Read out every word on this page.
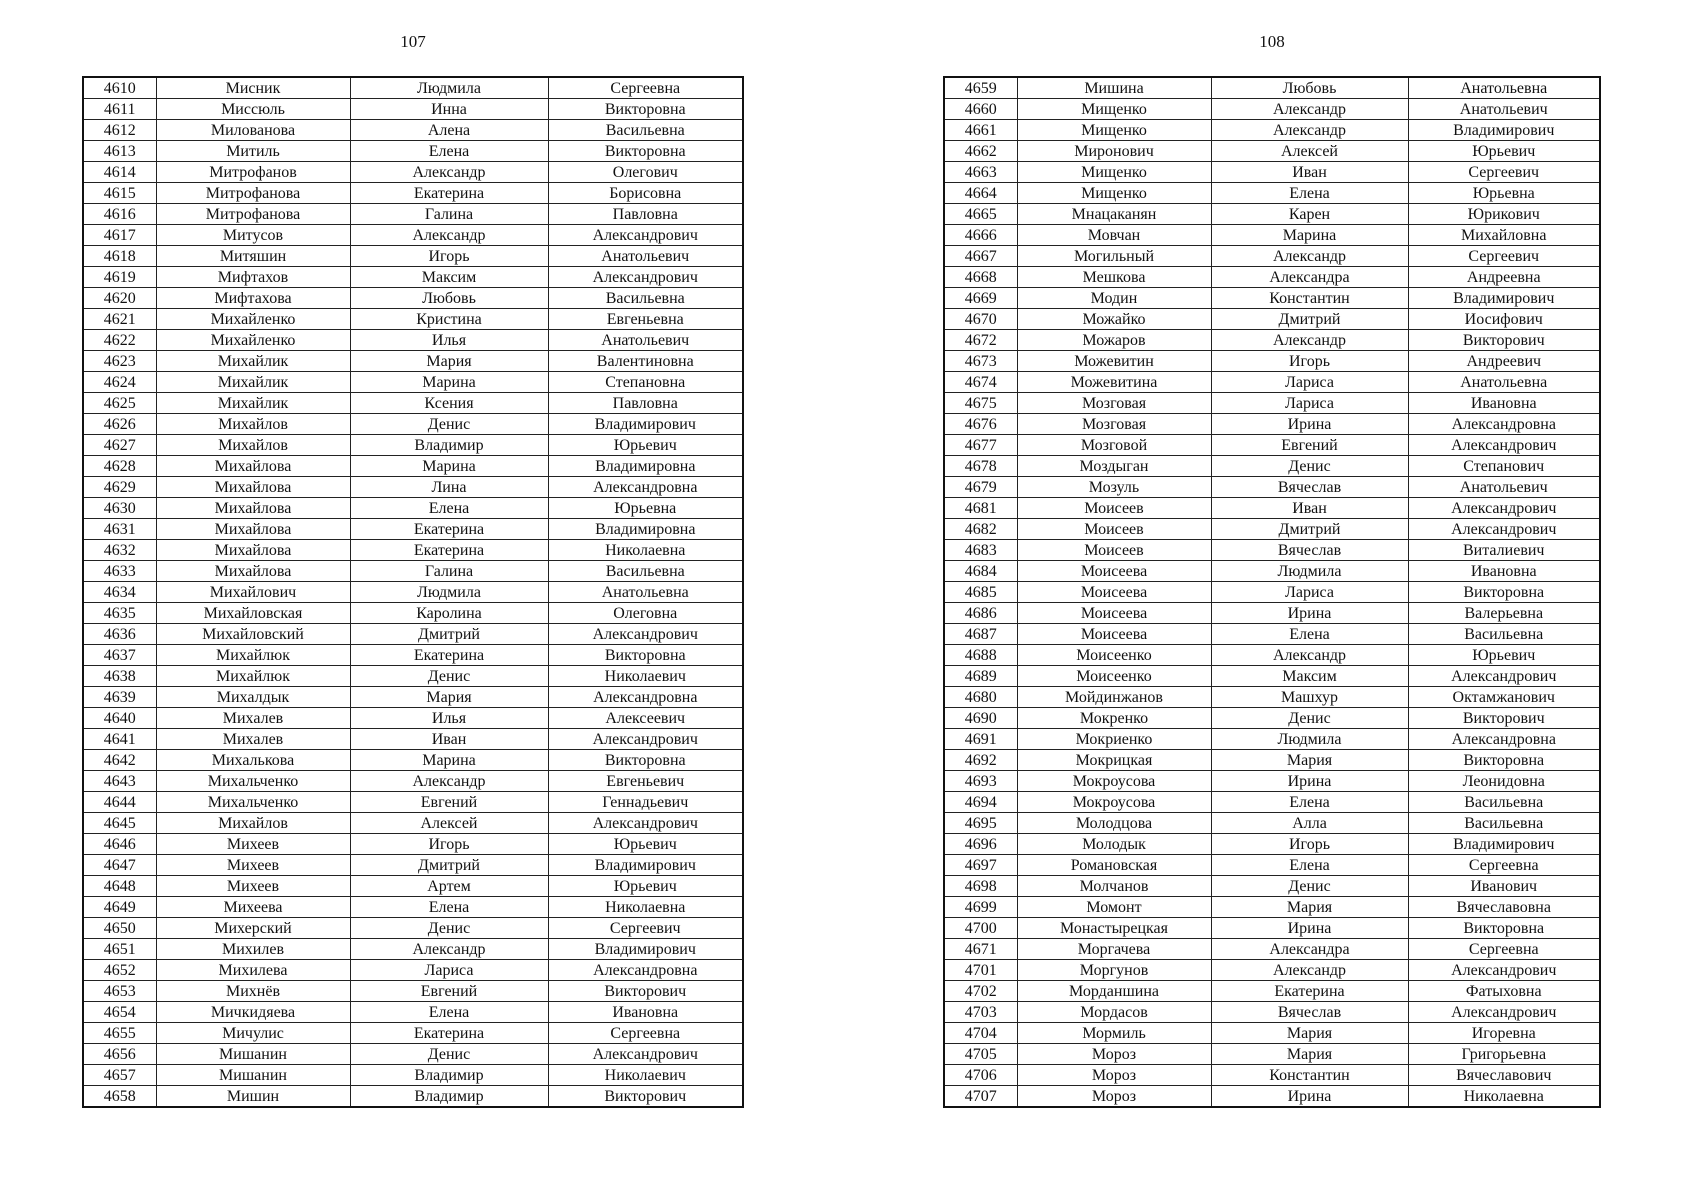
107
4610	Мисник	Людмила	Сергеевна
4611	Миссюль	Инна	Викторовна
4612	Милованова	Алена	Васильевна
4613	Митиль	Елена	Викторовна
4614	Митрофанов	Александр	Олегович
4615	Митрофанова	Екатерина	Борисовна
4616	Митрофанова	Галина	Павловна
4617	Митусов	Александр	Александрович
4618	Митяшин	Игорь	Анатольевич
4619	Мифтахов	Максим	Александрович
4620	Мифтахова	Любовь	Васильевна
4621	Михайленко	Кристина	Евгеньевна
4622	Михайленко	Илья	Анатольевич
4623	Михайлик	Мария	Валентиновна
4624	Михайлик	Марина	Степановна
4625	Михайлик	Ксения	Павловна
4626	Михайлов	Денис	Владимирович
4627	Михайлов	Владимир	Юрьевич
4628	Михайлова	Марина	Владимировна
4629	Михайлова	Лина	Александровна
4630	Михайлова	Елена	Юрьевна
4631	Михайлова	Екатерина	Владимировна
4632	Михайлова	Екатерина	Николаевна
4633	Михайлова	Галина	Васильевна
4634	Михайлович	Людмила	Анатольевна
4635	Михайловская	Каролина	Олеговна
4636	Михайловский	Дмитрий	Александрович
4637	Михайлюк	Екатерина	Викторовна
4638	Михайлюк	Денис	Николаевич
4639	Михалдык	Мария	Александровна
4640	Михалев	Илья	Алексеевич
4641	Михалев	Иван	Александрович
4642	Михалькова	Марина	Викторовна
4643	Михальченко	Александр	Евгеньевич
4644	Михальченко	Евгений	Геннадьевич
4645	Михайлов	Алексей	Александрович
4646	Михеев	Игорь	Юрьевич
4647	Михеев	Дмитрий	Владимирович
4648	Михеев	Артем	Юрьевич
4649	Михеева	Елена	Николаевна
4650	Михерский	Денис	Сергеевич
4651	Михилев	Александр	Владимирович
4652	Михилева	Лариса	Александровна
4653	Михнёв	Евгений	Викторович
4654	Мичкидяева	Елена	Ивановна
4655	Мичулис	Екатерина	Сергеевна
4656	Мишанин	Денис	Александрович
4657	Мишанин	Владимир	Николаевич
4658	Мишин	Владимир	Викторович
108
4659	Мишина	Любовь	Анатольевна
4660	Мищенко	Александр	Анатольевич
4661	Мищенко	Александр	Владимирович
4662	Миронович	Алексей	Юрьевич
4663	Мищенко	Иван	Сергеевич
4664	Мищенко	Елена	Юрьевна
4665	Мнацаканян	Карен	Юрикович
4666	Мовчан	Марина	Михайловна
4667	Могильный	Александр	Сергеевич
4668	Мешкова	Александра	Андреевна
4669	Модин	Константин	Владимирович
4670	Можайко	Дмитрий	Иосифович
4672	Можаров	Александр	Викторович
4673	Можевитин	Игорь	Андреевич
4674	Можевитина	Лариса	Анатольевна
4675	Мозговая	Лариса	Ивановна
4676	Мозговая	Ирина	Александровна
4677	Мозговой	Евгений	Александрович
4678	Моздыган	Денис	Степанович
4679	Мозуль	Вячеслав	Анатольевич
4681	Моисеев	Иван	Александрович
4682	Моисеев	Дмитрий	Александрович
4683	Моисеев	Вячеслав	Виталиевич
4684	Моисеева	Людмила	Ивановна
4685	Моисеева	Лариса	Викторовна
4686	Моисеева	Ирина	Валерьевна
4687	Моисеева	Елена	Васильевна
4688	Моисеенко	Александр	Юрьевич
4689	Моисеенко	Максим	Александрович
4680	Мойдинжанов	Машхур	Октамжанович
4690	Мокренко	Денис	Викторович
4691	Мокриенко	Людмила	Александровна
4692	Мокрицкая	Мария	Викторовна
4693	Мокроусова	Ирина	Леонидовна
4694	Мокроусова	Елена	Васильевна
4695	Молодцова	Алла	Васильевна
4696	Молодык	Игорь	Владимирович
4697	Романовская	Елена	Сергеевна
4698	Молчанов	Денис	Иванович
4699	Момонт	Мария	Вячеславовна
4700	Монастырецкая	Ирина	Викторовна
4671	Моргачева	Александра	Сергеевна
4701	Моргунов	Александр	Александрович
4702	Морданшина	Екатерина	Фатыховна
4703	Мордасов	Вячеслав	Александрович
4704	Мормиль	Мария	Игоревна
4705	Мороз	Мария	Григорьевна
4706	Мороз	Константин	Вячеславович
4707	Мороз	Ирина	Николаевна
